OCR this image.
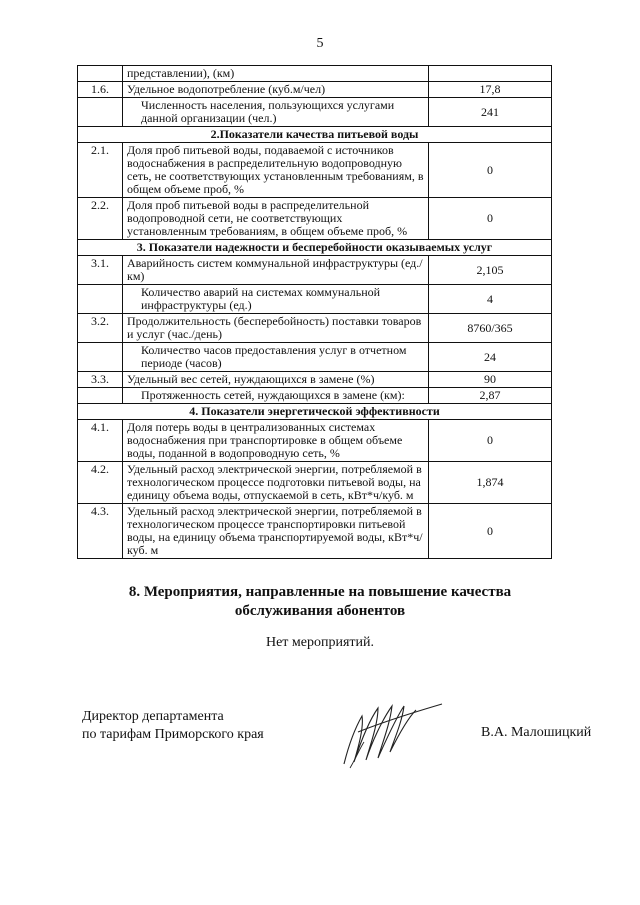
5
	представлении), (км)	
1.6.	Удельное водопотребление (куб.м/чел)	17,8
	Численность населения, пользующихся услугами данной организации (чел.)	241
2.Показатели качества питьевой воды		
2.1.	Доля проб питьевой воды, подаваемой с источников водоснабжения в распределительную водопроводную сеть, не соответствующих установленным требованиям, в общем объеме проб, %	0
2.2.	Доля проб питьевой воды в распределительной водопроводной сети, не соответствующих установленным требованиям, в общем объеме проб, %	0
3. Показатели надежности и бесперебойности оказываемых услуг		
3.1.	Аварийность систем коммунальной инфраструктуры (ед./км)	2,105
	Количество аварий на системах коммунальной инфраструктуры (ед.)	4
3.2.	Продолжительность (бесперебойность) поставки товаров и услуг (час./день)	8760/365
	Количество часов предоставления услуг в отчетном периоде (часов)	24
3.3.	Удельный вес сетей, нуждающихся в замене (%)	90
	Протяженность сетей, нуждающихся в замене (км):	2,87
4. Показатели энергетической эффективности		
4.1.	Доля потерь воды в централизованных системах водоснабжения при транспортировке в общем объеме воды, поданной в водопроводную сеть, %	0
4.2.	Удельный расход электрической энергии, потребляемой в технологическом процессе подготовки питьевой воды, на единицу объема воды, отпускаемой в сеть, кВт*ч/куб. м	1,874
4.3.	Удельный расход электрической энергии, потребляемой в технологическом процессе транспортировки питьевой воды, на единицу объема транспортируемой воды, кВт*ч/куб. м	0
8. Мероприятия, направленные на повышение качества
обслуживания абонентов
Нет мероприятий.
Директор департамента
по тарифам Приморского края	В.А. Малошицкий
